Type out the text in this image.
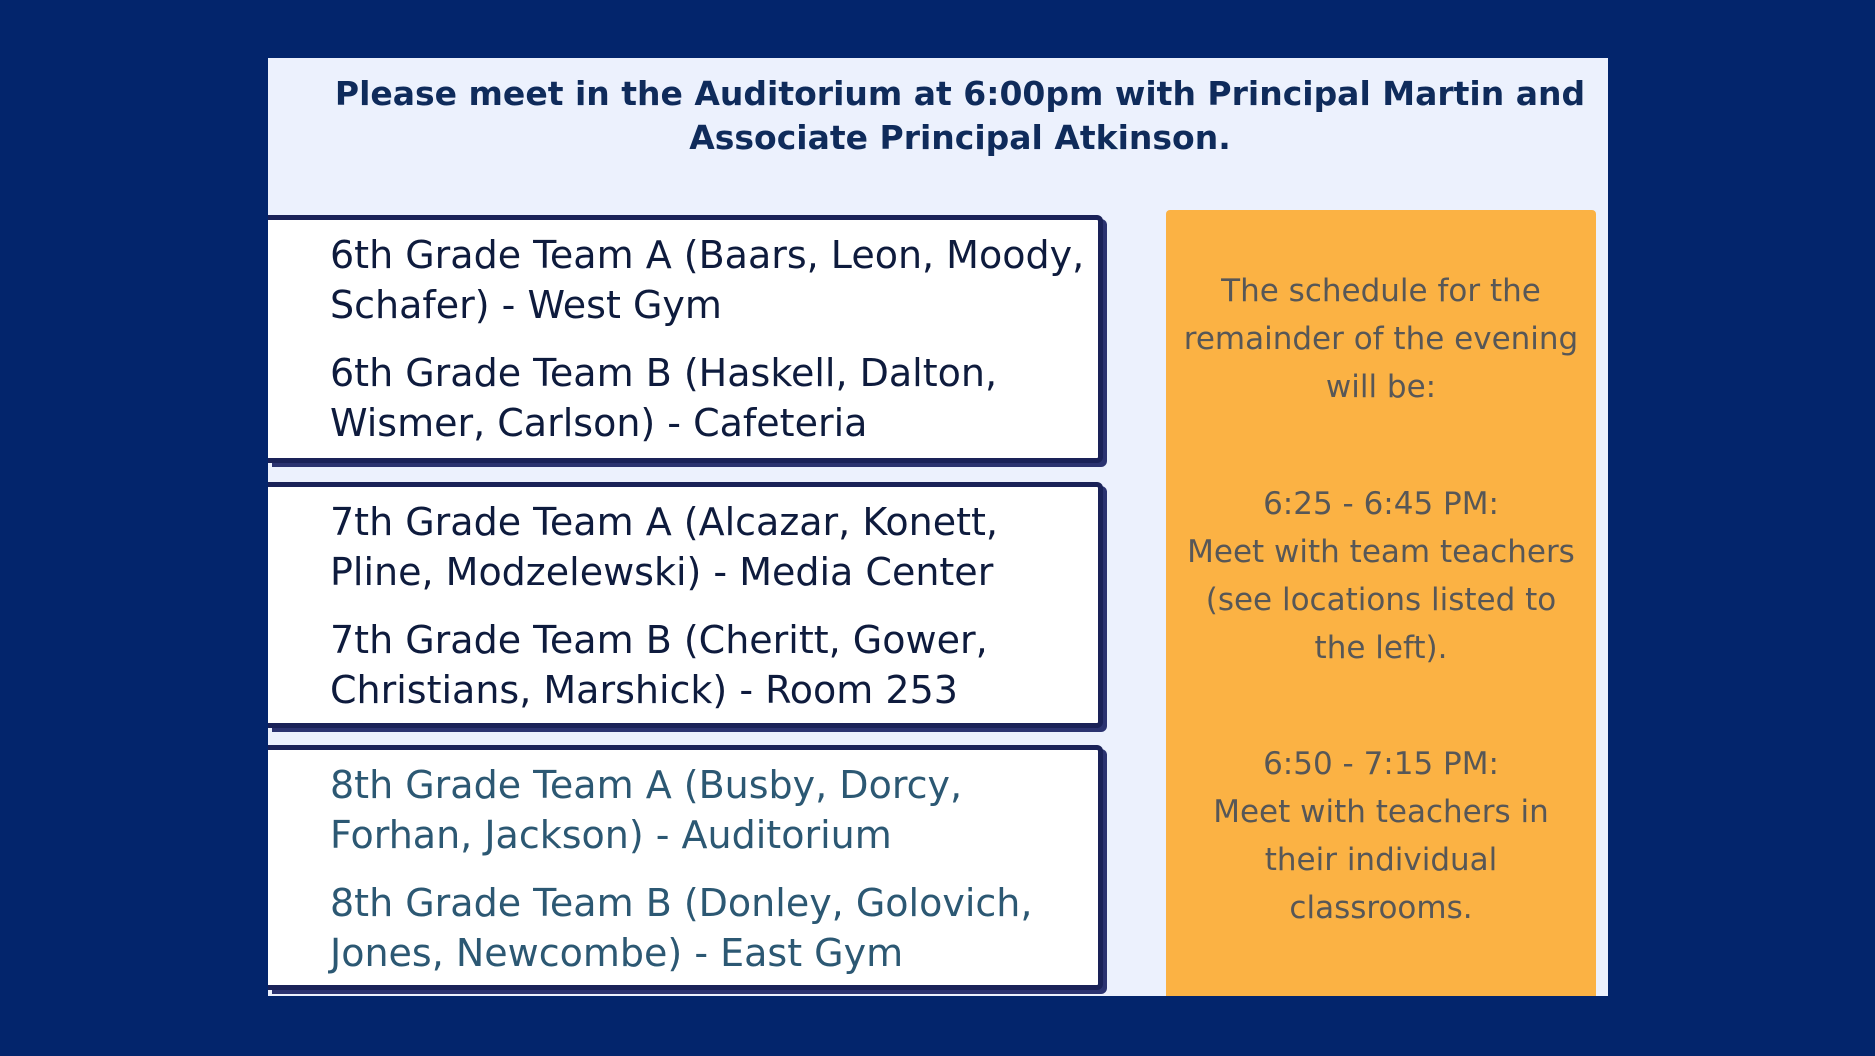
Please meet in the Auditorium at 6:00pm with Principal Martin and
Associate Principal Atkinson.

6th Grade Team A (Baars, Leon, Moody, Schafer) - West Gym

6th Grade Team B (Haskell, Dalton, Wismer, Carlson) - Cafeteria

7th Grade Team A (Alcazar, Konett, Pline, Modzelewski) - Media Center

7th Grade Team B (Cheritt, Gower, Christians, Marshick) - Room 253

8th Grade Team A (Busby, Dorcy, Forhan, Jackson) - Auditorium

8th Grade Team B (Donley, Golovich, Jones, Newcombe) - East Gym

The schedule for the remainder of the evening will be:

6:25 - 6:45 PM:
Meet with team teachers (see locations listed to the left).

6:50 - 7:15 PM:
Meet with teachers in their individual classrooms.
